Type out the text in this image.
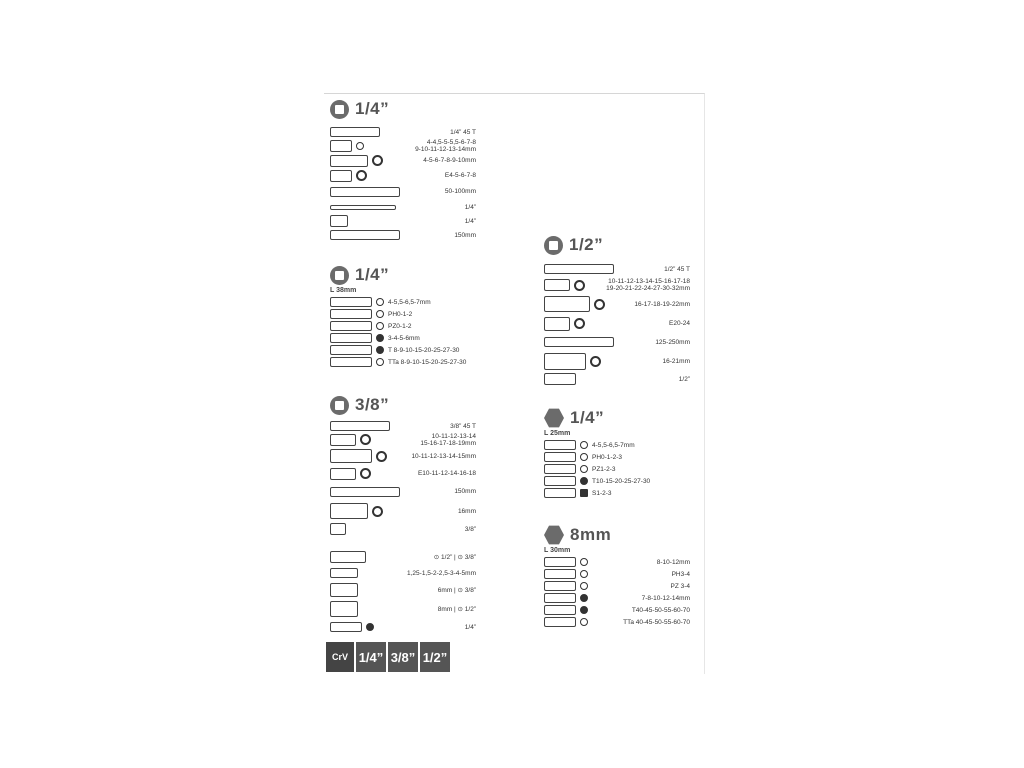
1/4”
1/4” 45 T
4-4,5-5-5,5-6-7-8
9-10-11-12-13-14mm
4-5-6-7-8-9-10mm
E4-5-6-7-8
50-100mm
1/4”
1/4”
150mm
1/4”
L 38mm
4-5,5-6,5-7mm
PH0-1-2
PZ0-1-2
3-4-5-6mm
T 8-9-10-15-20-25-27-30
TTa 8-9-10-15-20-25-27-30
3/8”
3/8” 45 T
10-11-12-13-14
15-16-17-18-19mm
10-11-12-13-14-15mm
E10-11-12-14-16-18
150mm
16mm
3/8”
⊙ 1/2” | ⊙ 3/8”
1,25-1,5-2-2,5-3-4-5mm
6mm | ⊙ 3/8”
8mm | ⊙ 1/2”
1/4”
1/2”
1/2” 45 T
10-11-12-13-14-15-16-17-18
19-20-21-22-24-27-30-32mm
16-17-18-19-22mm
E20-24
125-250mm
16-21mm
1/2”
1/4”
L 25mm
4-5,5-6,5-7mm
PH0-1-2-3
PZ1-2-3
T10-15-20-25-27-30
S1-2-3
8mm
L 30mm
8-10-12mm
PH3-4
PZ 3-4
7-8-10-12-14mm
T40-45-50-55-60-70
TTa 40-45-50-55-60-70
CrV 1/4” 3/8” 1/2”
